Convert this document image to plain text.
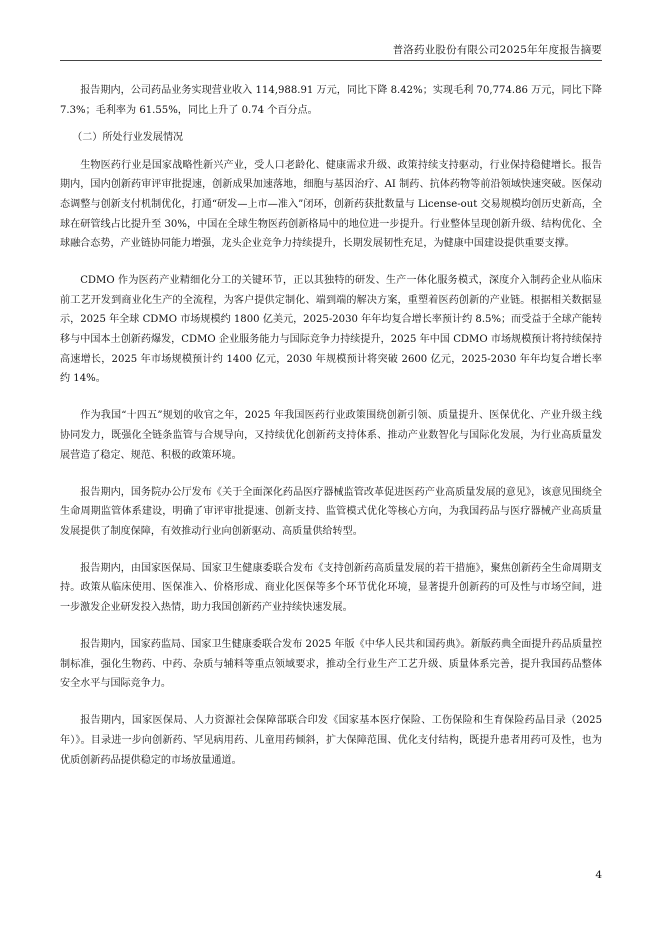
普洛药业股份有限公司2025年年度报告摘要

报告期内，公司药品业务实现营业收入 114,988.91 万元，同比下降 8.42%；实现毛利 70,774.86 万元，同比下降 7.3%；毛利率为 61.55%，同比上升了 0.74 个百分点。

（二）所处行业发展情况

生物医药行业是国家战略性新兴产业，受人口老龄化、健康需求升级、政策持续支持驱动，行业保持稳健增长。报告期内，国内创新药审评审批提速，创新成果加速落地，细胞与基因治疗、AI 制药、抗体药物等前沿领域快速突破。医保动态调整与创新支付机制优化，打通“研发—上市—准入”闭环，创新药获批数量与 License-out 交易规模均创历史新高，全球在研管线占比提升至 30%，中国在全球生物医药创新格局中的地位进一步提升。行业整体呈现创新升级、结构优化、全球融合态势，产业链协同能力增强，龙头企业竞争力持续提升，长期发展韧性充足，为健康中国建设提供重要支撑。

CDMO 作为医药产业精细化分工的关键环节，正以其独特的研发、生产一体化服务模式，深度介入制药企业从临床前工艺开发到商业化生产的全流程，为客户提供定制化、端到端的解决方案，重塑着医药创新的产业链。根据相关数据显示，2025 年全球 CDMO 市场规模约 1800 亿美元，2025-2030 年年均复合增长率预计约 8.5%；而受益于全球产能转移与中国本土创新药爆发，CDMO 企业服务能力与国际竞争力持续提升，2025 年中国 CDMO 市场规模预计将持续保持高速增长，2025 年市场规模预计约 1400 亿元，2030 年规模预计将突破 2600 亿元，2025-2030 年年均复合增长率约 14%。

作为我国“十四五”规划的收官之年，2025 年我国医药行业政策围绕创新引领、质量提升、医保优化、产业升级主线协同发力，既强化全链条监管与合规导向，又持续优化创新药支持体系、推动产业数智化与国际化发展，为行业高质量发展营造了稳定、规范、积极的政策环境。

报告期内，国务院办公厅发布《关于全面深化药品医疗器械监管改革促进医药产业高质量发展的意见》，该意见围绕全生命周期监管体系建设，明确了审评审批提速、创新支持、监管模式优化等核心方向，为我国药品与医疗器械产业高质量发展提供了制度保障，有效推动行业向创新驱动、高质量供给转型。

报告期内，由国家医保局、国家卫生健康委联合发布《支持创新药高质量发展的若干措施》，聚焦创新药全生命周期支持。政策从临床使用、医保准入、价格形成、商业化医保等多个环节优化环境，显著提升创新药的可及性与市场空间，进一步激发企业研发投入热情，助力我国创新药产业持续快速发展。

报告期内，国家药监局、国家卫生健康委联合发布 2025 年版《中华人民共和国药典》。新版药典全面提升药品质量控制标准，强化生物药、中药、杂质与辅料等重点领域要求，推动全行业生产工艺升级、质量体系完善，提升我国药品整体安全水平与国际竞争力。

报告期内，国家医保局、人力资源社会保障部联合印发《国家基本医疗保险、工伤保险和生育保险药品目录（2025 年）》。目录进一步向创新药、罕见病用药、儿童用药倾斜，扩大保障范围、优化支付结构，既提升患者用药可及性，也为优质创新药品提供稳定的市场放量通道。

4
